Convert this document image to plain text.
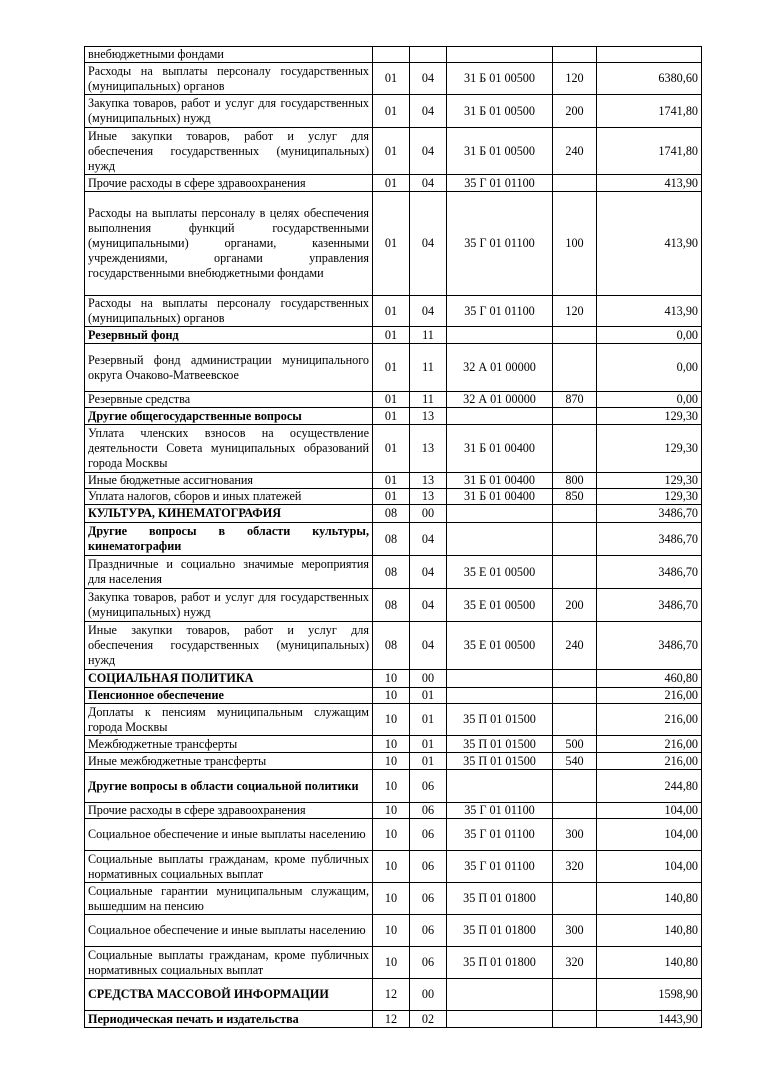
внебюджетными фондами					
Расходы на выплаты персоналу государственных (муниципальных) органов	01	04	31 Б 01 00500	120	6380,60
Закупка товаров, работ и услуг для государственных (муниципальных) нужд	01	04	31 Б 01 00500	200	1741,80
Иные закупки товаров, работ и услуг для обеспечения государственных (муниципальных) нужд	01	04	31 Б 01 00500	240	1741,80
Прочие расходы в сфере здравоохранения	01	04	35 Г 01 01100		413,90
Расходы на выплаты персоналу в целях обеспечения выполнения функций государственными (муниципальными) органами, казенными учреждениями, органами управления государственными внебюджетными фондами	01	04	35 Г 01 01100	100	413,90
Расходы на выплаты персоналу государственных (муниципальных) органов	01	04	35 Г 01 01100	120	413,90
Резервный фонд	01	11			0,00
Резервный фонд администрации муниципального округа Очаково-Матвеевское	01	11	32 А 01 00000		0,00
Резервные средства	01	11	32 А 01 00000	870	0,00
Другие общегосударственные вопросы	01	13			129,30
Уплата членских взносов на осуществление деятельности Совета муниципальных образований города Москвы	01	13	31 Б 01 00400		129,30
Иные бюджетные ассигнования	01	13	31 Б 01 00400	800	129,30
Уплата налогов, сборов и иных платежей	01	13	31 Б 01 00400	850	129,30
КУЛЬТУРА, КИНЕМАТОГРАФИЯ	08	00			3486,70
Другие вопросы в области культуры, кинематографии	08	04			3486,70
Праздничные и социально значимые мероприятия для населения	08	04	35 Е 01 00500		3486,70
Закупка товаров, работ и услуг для государственных (муниципальных) нужд	08	04	35 Е 01 00500	200	3486,70
Иные закупки товаров, работ и услуг для обеспечения государственных (муниципальных) нужд	08	04	35 Е 01 00500	240	3486,70
СОЦИАЛЬНАЯ ПОЛИТИКА	10	00			460,80
Пенсионное обеспечение	10	01			216,00
Доплаты к пенсиям муниципальным служащим города Москвы	10	01	35 П 01 01500		216,00
Межбюджетные трансферты	10	01	35 П 01 01500	500	216,00
Иные межбюджетные трансферты	10	01	35 П 01 01500	540	216,00
Другие вопросы в области социальной политики	10	06			244,80
Прочие расходы в сфере здравоохранения	10	06	35 Г 01 01100		104,00
Социальное обеспечение и иные выплаты населению	10	06	35 Г 01 01100	300	104,00
Социальные выплаты гражданам, кроме публичных нормативных социальных выплат	10	06	35 Г 01 01100	320	104,00
Социальные гарантии муниципальным служащим, вышедшим на пенсию	10	06	35 П 01 01800		140,80
Социальное обеспечение и иные выплаты населению	10	06	35 П 01 01800	300	140,80
Социальные выплаты гражданам, кроме публичных нормативных социальных выплат	10	06	35 П 01 01800	320	140,80
СРЕДСТВА МАССОВОЙ ИНФОРМАЦИИ	12	00			1598,90
Периодическая печать и издательства	12	02			1443,90
